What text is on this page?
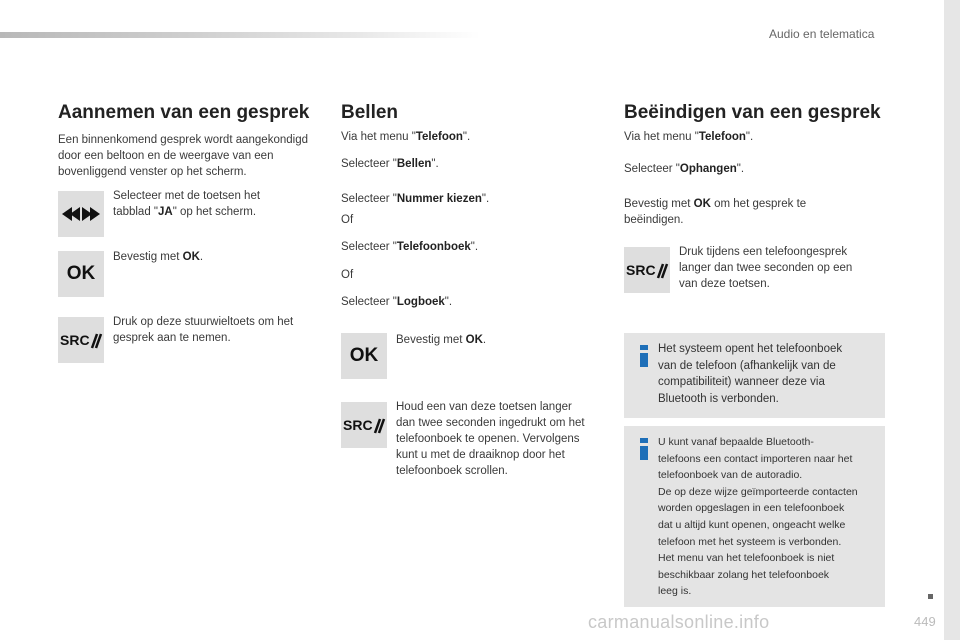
Audio en telematica
449
Aannemen van een gesprek
Een binnenkomend gesprek wordt aangekondigd
door een beltoon en de weergave van een
bovenliggend venster op het scherm.
Selecteer met de toetsen het
tabblad "JA" op het scherm.
OK
Bevestig met OK.
SRC
Druk op deze stuurwieltoets om het
gesprek aan te nemen.
Bellen
Via het menu "Telefoon".
Selecteer "Bellen".
Selecteer "Nummer kiezen".
Of
Selecteer "Telefoonboek".
Of
Selecteer "Logboek".
OK
Bevestig met OK.
SRC
Houd een van deze toetsen langer
dan twee seconden ingedrukt om het
telefoonboek te openen. Vervolgens
kunt u met de draaiknop door het
telefoonboek scrollen.
Beëindigen van een gesprek
Via het menu "Telefoon".
Selecteer "Ophangen".
Bevestig met OK om het gesprek te
beëindigen.
SRC
Druk tijdens een telefoongesprek
langer dan twee seconden op een
van deze toetsen.
Het systeem opent het telefoonboek
van de telefoon (afhankelijk van de
compatibiliteit) wanneer deze via
Bluetooth is verbonden.
U kunt vanaf bepaalde Bluetooth-
telefoons een contact importeren naar het
telefoonboek van de autoradio.
De op deze wijze geïmporteerde contacten
worden opgeslagen in een telefoonboek
dat u altijd kunt openen, ongeacht welke
telefoon met het systeem is verbonden.
Het menu van het telefoonboek is niet
beschikbaar zolang het telefoonboek
leeg is.
carmanualsonline.info
